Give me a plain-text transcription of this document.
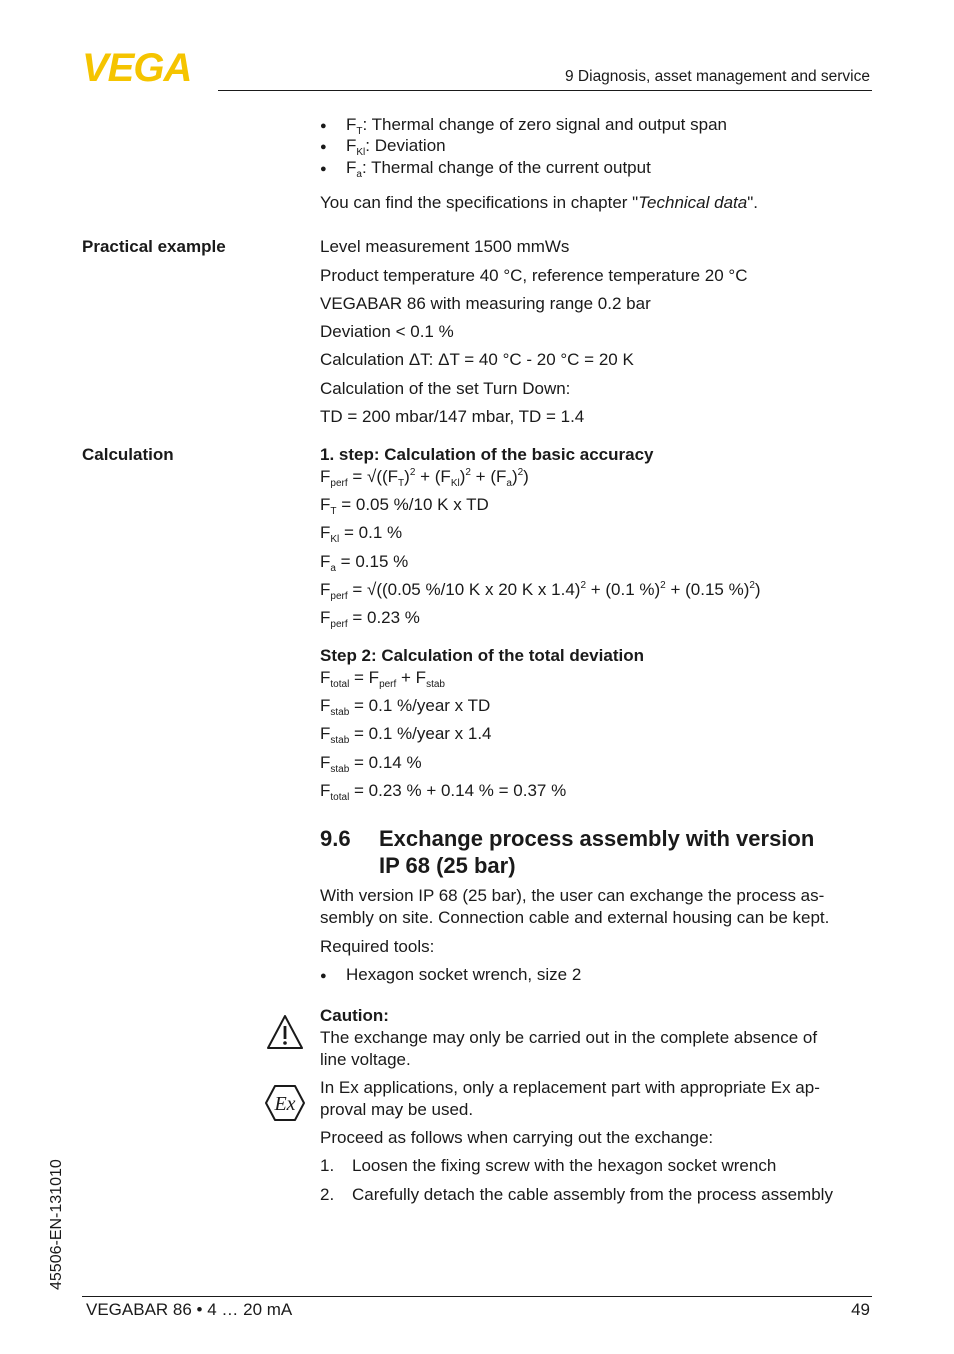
VEGA	9 Diagnosis, asset management and service
● $F_T$: Thermal change of zero signal and output span
● $F_{Kl}$: Deviation
● $F_a$: Thermal change of the current output
You can find the specifications in chapter "Technical data".
Practical example	Level measurement 1500 mmWs
Product temperature 40 °C, reference temperature 20 °C
VEGABAR 86 with measuring range 0.2 bar
Deviation < 0.1 %
Calculation ΔT: ΔT = 40 °C - 20 °C = 20 K
Calculation of the set Turn Down:
TD = 200 mbar/147 mbar, TD = 1.4
Calculation	1. step: Calculation of the basic accuracy
$F_{perf} = √((F_T)^2 + (F_{Kl})^2 + (F_a)^2)$
$F_T = 0.05$ %/10 K x TD
$F_{Kl} = 0.1$ %
$F_a = 0.15$ %
$F_{perf} = √((0.05$ %/10 K x 20 K x 1.4)$^2$ + (0.1 %)$^2$ + (0.15 %)$^2$)
$F_{perf} = 0.23$ %
Step 2: Calculation of the total deviation
$F_{total} = F_{perf} + F_{stab}$
$F_{stab} = 0.1$ %/year x TD
$F_{stab} = 0.1$ %/year x 1.4
$F_{stab} = 0.14$ %
$F_{total} = 0.23$ % + 0.14 % = 0.37 %
9.6 Exchange process assembly with version
IP 68 (25 bar)
With version IP 68 (25 bar), the user can exchange the process as-
sembly on site. Connection cable and external housing can be kept.
Required tools:
● Hexagon socket wrench, size 2
Caution:
The exchange may only be carried out in the complete absence of
line voltage.
Ex
In Ex applications, only a replacement part with appropriate Ex ap-
proval may be used.
Proceed as follows when carrying out the exchange:
1. Loosen the fixing screw with the hexagon socket wrench
2. Carefully detach the cable assembly from the process assembly
45506-EN-131010
VEGABAR 86 • 4 … 20 mA	49
